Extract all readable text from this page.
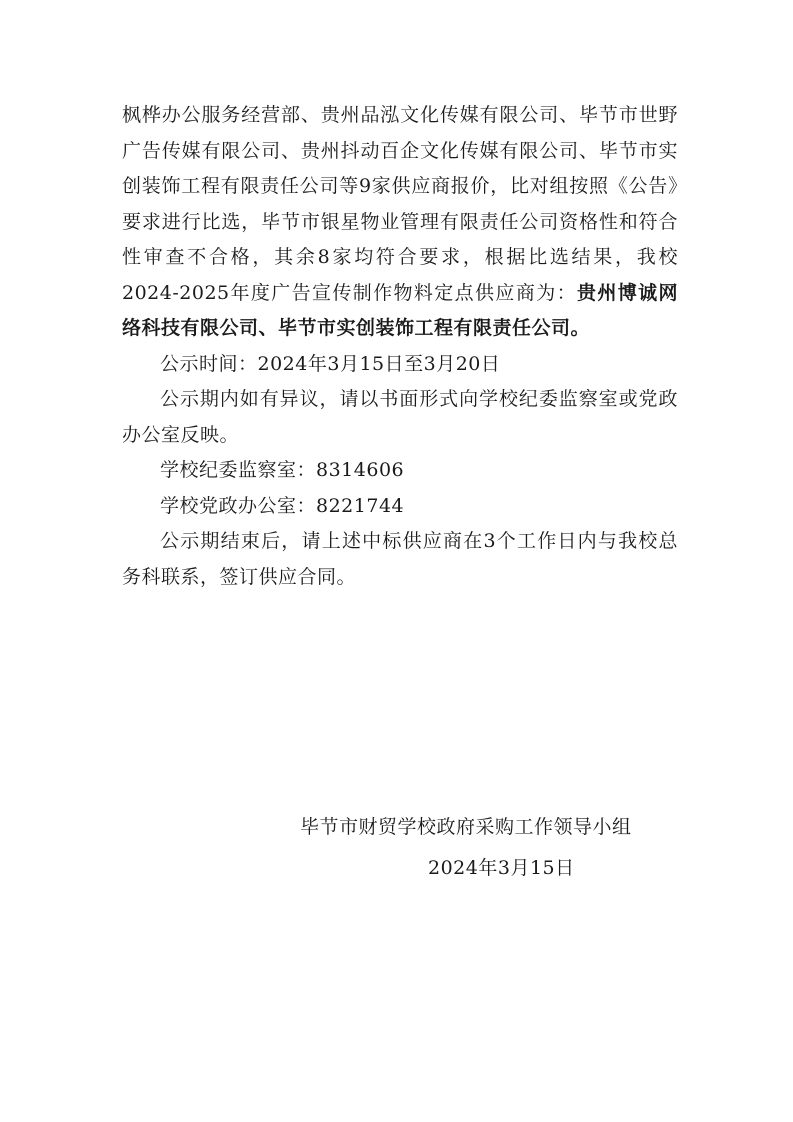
枫桦办公服务经营部、贵州品泓文化传媒有限公司、毕节市世野广告传媒有限公司、贵州抖动百企文化传媒有限公司、毕节市实创装饰工程有限责任公司等9家供应商报价，比对组按照《公告》要求进行比选，毕节市银星物业管理有限责任公司资格性和符合性审查不合格，其余8家均符合要求，根据比选结果，我校2024-2025年度广告宣传制作物料定点供应商为：贵州博诚网络科技有限公司、毕节市实创装饰工程有限责任公司。

公示时间：2024年3月15日至3月20日

公示期内如有异议，请以书面形式向学校纪委监察室或党政办公室反映。

学校纪委监察室：8314606

学校党政办公室：8221744

公示期结束后，请上述中标供应商在3个工作日内与我校总务科联系，签订供应合同。

毕节市财贸学校政府采购工作领导小组
2024年3月15日
